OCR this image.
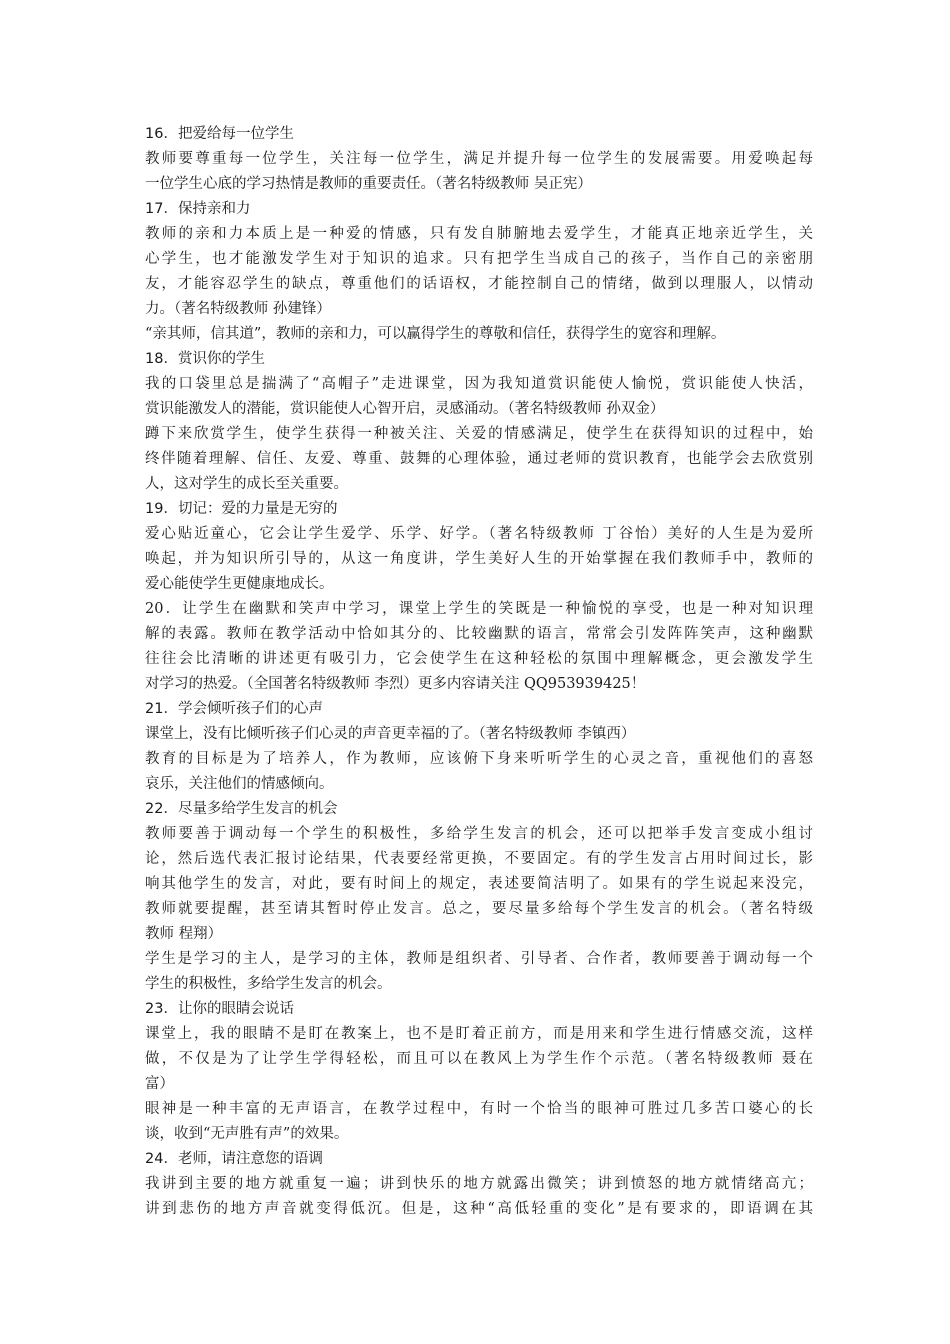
16．把爱给每一位学生
教师要尊重每一位学生，关注每一位学生，满足并提升每一位学生的发展需要。用爱唤起每
一位学生心底的学习热情是教师的重要责任。（著名特级教师 吴正宪）
17．保持亲和力
教师的亲和力本质上是一种爱的情感，只有发自肺腑地去爱学生，才能真正地亲近学生，关
心学生，也才能激发学生对于知识的追求。只有把学生当成自己的孩子，当作自己的亲密朋
友，才能容忍学生的缺点，尊重他们的话语权，才能控制自己的情绪，做到以理服人，以情动
力。（著名特级教师 孙建锋）
“亲其师，信其道”，教师的亲和力，可以赢得学生的尊敬和信任，获得学生的宽容和理解。
18．赏识你的学生
我的口袋里总是揣满了“高帽子”走进课堂，因为我知道赏识能使人愉悦，赏识能使人快活，
赏识能激发人的潜能，赏识能使人心智开启，灵感涌动。（著名特级教师 孙双金）
蹲下来欣赏学生，使学生获得一种被关注、关爱的情感满足，使学生在获得知识的过程中，始
终伴随着理解、信任、友爱、尊重、鼓舞的心理体验，通过老师的赏识教育，也能学会去欣赏别
人，这对学生的成长至关重要。
19．切记：爱的力量是无穷的
爱心贴近童心，它会让学生爱学、乐学、好学。（著名特级教师 丁谷怡）美好的人生是为爱所
唤起，并为知识所引导的，从这一角度讲，学生美好人生的开始掌握在我们教师手中，教师的
爱心能使学生更健康地成长。
20．让学生在幽默和笑声中学习，课堂上学生的笑既是一种愉悦的享受，也是一种对知识理
解的表露。教师在教学活动中恰如其分的、比较幽默的语言，常常会引发阵阵笑声，这种幽默
往往会比清晰的讲述更有吸引力，它会使学生在这种轻松的氛围中理解概念，更会激发学生
对学习的热爱。（全国著名特级教师 李烈）更多内容请关注 QQ953939425！
21．学会倾听孩子们的心声
课堂上，没有比倾听孩子们心灵的声音更幸福的了。（著名特级教师 李镇西）
教育的目标是为了培养人，作为教师，应该俯下身来听听学生的心灵之音，重视他们的喜怒
哀乐，关注他们的情感倾向。
22．尽量多给学生发言的机会
教师要善于调动每一个学生的积极性，多给学生发言的机会，还可以把举手发言变成小组讨
论，然后选代表汇报讨论结果，代表要经常更换，不要固定。有的学生发言占用时间过长，影
响其他学生的发言，对此，要有时间上的规定，表述要简洁明了。如果有的学生说起来没完，
教师就要提醒，甚至请其暂时停止发言。总之，要尽量多给每个学生发言的机会。（著名特级
教师 程翔）
学生是学习的主人，是学习的主体，教师是组织者、引导者、合作者，教师要善于调动每一个
学生的积极性，多给学生发言的机会。
23．让你的眼睛会说话
课堂上，我的眼睛不是盯在教案上，也不是盯着正前方，而是用来和学生进行情感交流，这样
做，不仅是为了让学生学得轻松，而且可以在教风上为学生作个示范。（著名特级教师 聂在
富）
眼神是一种丰富的无声语言，在教学过程中，有时一个恰当的眼神可胜过几多苦口婆心的长
谈，收到“无声胜有声”的效果。
24．老师，请注意您的语调
我讲到主要的地方就重复一遍；讲到快乐的地方就露出微笑；讲到愤怒的地方就情绪高亢；
讲到悲伤的地方声音就变得低沉。但是，这种“高低轻重的变化”是有要求的，即语调在其
